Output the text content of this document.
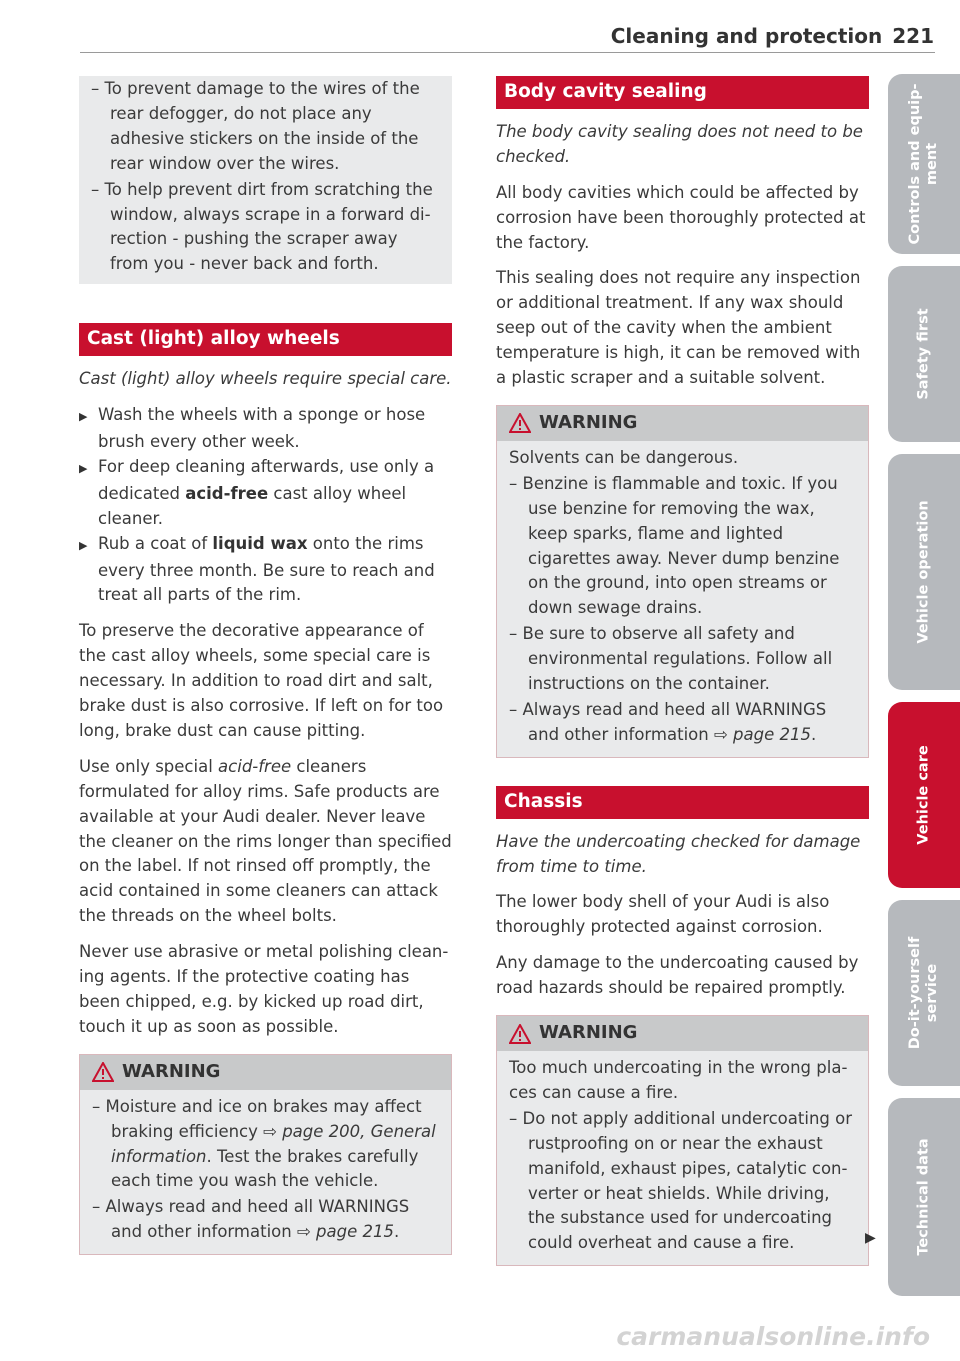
Cleaning and protection 221
– To prevent damage to the wires of the rear defogger, do not place any adhesive stickers on the inside of the rear window over the wires.
– To help prevent dirt from scratching the window, always scrape in a forward direction - pushing the scraper away from you - never back and forth.
Cast (light) alloy wheels
Cast (light) alloy wheels require special care.
▶ Wash the wheels with a sponge or hose brush every other week.
▶ For deep cleaning afterwards, use only a dedicated acid-free cast alloy wheel cleaner.
▶ Rub a coat of liquid wax onto the rims every three month. Be sure to reach and treat all parts of the rim.

To preserve the decorative appearance of the cast alloy wheels, some special care is necessary. In addition to road dirt and salt, brake dust is also corrosive. If left on for too long, brake dust can cause pitting.

Use only special acid-free cleaners formulated for alloy rims. Safe products are available at your Audi dealer. Never leave the cleaner on the rims longer than specified on the label. If not rinsed off promptly, the acid contained in some cleaners can attack the threads on the wheel bolts.

Never use abrasive or metal polishing cleaning agents. If the protective coating has been chipped, e.g. by kicked up road dirt, touch it up as soon as possible.

WARNING
– Moisture and ice on brakes may affect braking efficiency ⇨ page 200, General information. Test the brakes carefully each time you wash the vehicle.
– Always read and heed all WARNINGS and other information ⇨ page 215.
Body cavity sealing
The body cavity sealing does not need to be checked.

All body cavities which could be affected by corrosion have been thoroughly protected at the factory.

This sealing does not require any inspection or additional treatment. If any wax should seep out of the cavity when the ambient temperature is high, it can be removed with a plastic scraper and a suitable solvent.

WARNING
Solvents can be dangerous.
– Benzine is flammable and toxic. If you use benzine for removing the wax, keep sparks, flame and lighted cigarettes away. Never dump benzine on the ground, into open streams or down sewage drains.
– Be sure to observe all safety and environmental regulations. Follow all instructions on the container.
– Always read and heed all WARNINGS and other information ⇨ page 215.
Chassis
Have the undercoating checked for damage from time to time.

The lower body shell of your Audi is also thoroughly protected against corrosion.

Any damage to the undercoating caused by road hazards should be repaired promptly.

WARNING
Too much undercoating in the wrong places can cause a fire.
– Do not apply additional undercoating or rustproofing on or near the exhaust manifold, exhaust pipes, catalytic converter or heat shields. While driving, the substance used for undercoating could overheat and cause a fire.	▶
Controls and equip-
ment
Safety first
Vehicle operation
Vehicle care
Do-it-yourself
service
Technical data
carmanualsonline.info
